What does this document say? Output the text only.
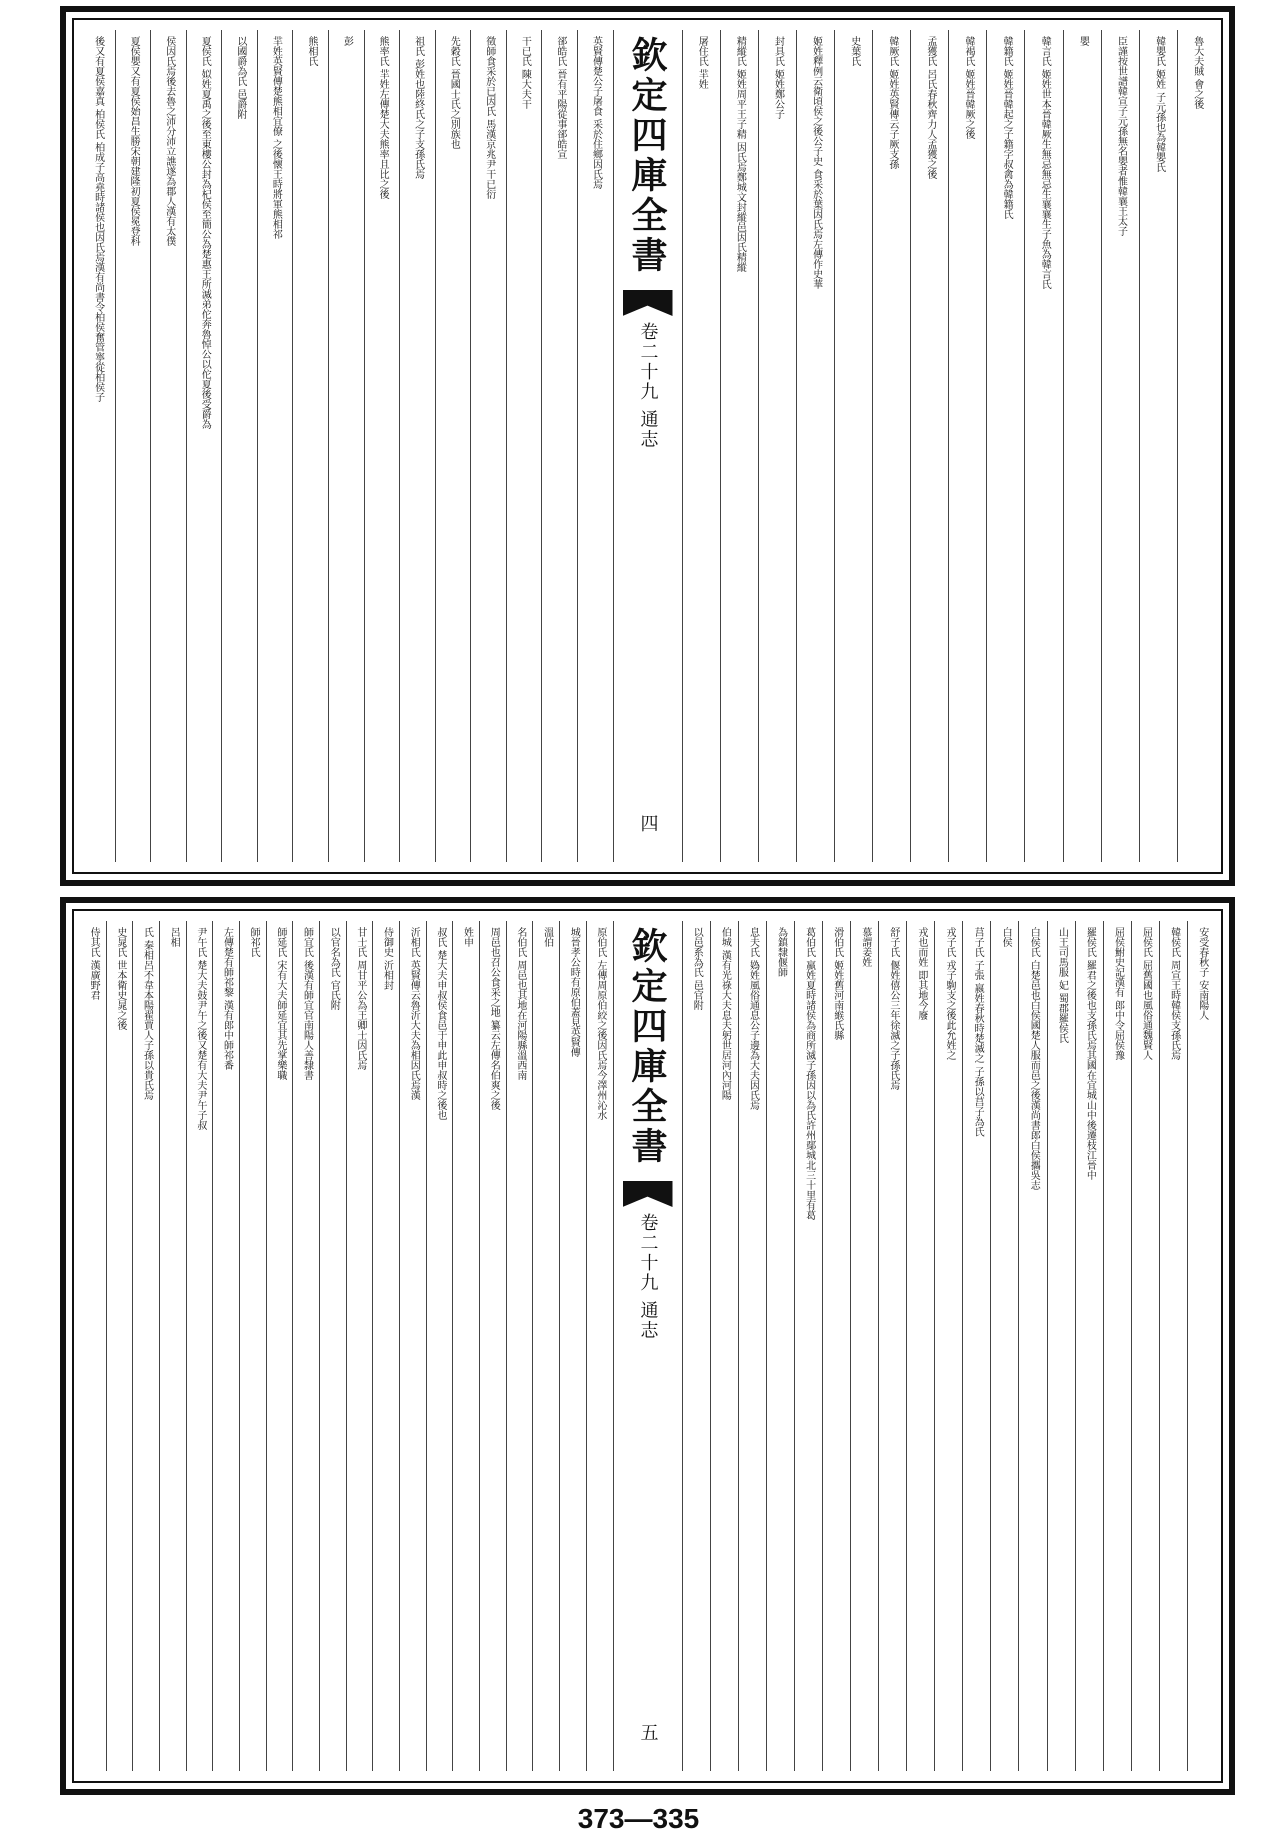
魯大夫賊 會之後
韓嬰氏 姬姓 子元孫也為韓嬰氏
臣謹按世譜韓宣子元孫無名嬰者惟韓襄王太子
嬰
韓言氏 姬姓世本晉韓厥生無忌無忌生襄襄生子魚為韓言氏
韓籍氏 姬姓晉韓起之子籍字叔禽為韓籍氏
韓褐氏 姬姓晉韓厥之後
孟獲氏 呂氏春秋齊力人孟獲之後
韓厥氏 姬姓英賢傳云子厥支孫
史葉氏
姬姓釋例云衛頃侯之後公子史 食采於葉因氏焉左傳作史華
封具氏 姬姓鄭公子
精縱氏 姬姓周平王子精 因氏焉鄭城文封縱邑因氏精縱
屠住氏 羋姓
欽定四庫全書
卷二十九 通志
四
英賢傳楚公子屠食 采於住鄉因氏焉
郤皓氏 晉有平陽從事郤皓宣
干已氏 陳大夫干
徵師食采於已因氏 馬漢京兆尹干已衍
先穀氏 晉國士氏之別族也
祖氏 彭姓也陸終氏之子支孫氏焉
熊率氏 羋姓左傳楚大夫熊率且比之後
彭
熊相氏
羋姓英賢傳楚熊相宜僚 之後懷王時將軍熊相祁
以國爵為氏 邑爵附
夏侯氏 姒姓夏禹之後至東樓公封為杞侯至簡公為楚惠王所滅弟佗奔魯悼公以佗夏後受爵為
侯因氏焉後去魯之沛分沛立譙遂為郡人漢有太僕
夏侯嬰又有夏侯始昌生勝宋朝建隆初夏侯冕登科
後又有夏侯嘉真 柏侯氏 柏成子高堯時諸侯也因氏焉漢有尚書令柏侯奮管寧從柏侯子
安受春秋子 安南陽人
韓侯氏 周宣王時韓侯支孫氏焉
屈侯氏 屈舊國也風俗通魏賢人
屈侯鮒史記漢有 郎中令屈侯豫
羅侯氏 羅君之後也支孫氏焉其國在宜城山中後遷枝江晉中
山王司馬服 妃 蜀郡羅侯氏
白侯氏 白楚邑也白侯國楚人服而邑之後漢尚書郎白侯攜吳志
白侯
莒子氏 子張 嬴姓春秋時楚滅之 子孫以莒子為氏
戎子氏 戎子駒支之後此允姓之
戎也而姓 即其地今廢
舒子氏 偃姓僖公三年徐滅之子孫氏焉
慕謂姜姓
滑伯氏 姬姓舊河南緱氏縣
葛伯氏 嬴姓夏時諸侯為商所滅子孫因以為氏許州鄢城北三十里有葛
為鎮隸偃師
息夫氏 媯姓風俗通息公子邊為大夫因氏焉
伯城 漢有光祿大夫息夫躬世居河內河陽
以邑系為氏 邑官附
欽定四庫全書
卷二十九 通志
五
原伯氏 左傳周原伯絞之後因氏焉今澤州沁水
城晉孝公時有原伯蓋見英賢傳
溫伯
名伯氏 周邑也其地在河陽縣溫西南
周邑也召公食采之地 纂云左傳名伯爽之後
姓申
叔氏 楚大夫申叔侯食邑于申此申叔時之後也
沂相氏 英賢傳云魯沂大夫為相因氏焉漢
侍御史 沂相封
甘士氏 周甘平公為王卿士因氏焉
以官名為氏 官氏附
師宜氏 後漢有師宜官南陽人善隸書
師延氏 宋有大夫師延宜其先掌樂職
師祁氏
左傳楚有師祁黎 漢有郎中師祁番
尹午氏 楚大夫鼓尹午之後又楚有大夫尹午子叔
呂相
氏 秦相呂不韋本陽翟賈人子孫以貴氏焉
史晁氏 世本衛史晁之後
侍其氏 漢廣野君
373—335
